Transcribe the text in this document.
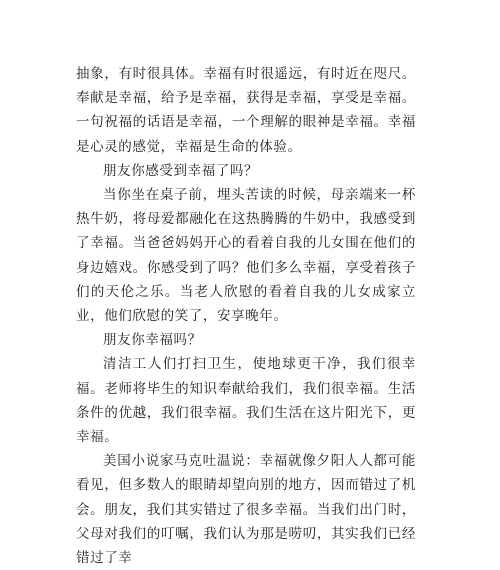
抽象，有时很具体。幸福有时很遥远，有时近在咫尺。奉献是幸福，给予是幸福，获得是幸福，享受是幸福。一句祝福的话语是幸福，一个理解的眼神是幸福。幸福是心灵的感觉，幸福是生命的体验。

朋友你感受到幸福了吗？

当你坐在桌子前，埋头苦读的时候，母亲端来一杯热牛奶，将母爱都融化在这热腾腾的牛奶中，我感受到了幸福。当爸爸妈妈开心的看着自我的儿女围在他们的身边嬉戏。你感受到了吗？他们多么幸福，享受着孩子们的天伦之乐。当老人欣慰的看着自我的儿女成家立业，他们欣慰的笑了，安享晚年。

朋友你幸福吗？

清洁工人们打扫卫生，使地球更干净，我们很幸福。老师将毕生的知识奉献给我们，我们很幸福。生活条件的优越，我们很幸福。我们生活在这片阳光下，更幸福。

美国小说家马克吐温说：幸福就像夕阳人人都可能看见，但多数人的眼睛却望向别的地方，因而错过了机会。朋友，我们其实错过了很多幸福。当我们出门时，父母对我们的叮嘱，我们认为那是唠叨，其实我们已经错过了幸
